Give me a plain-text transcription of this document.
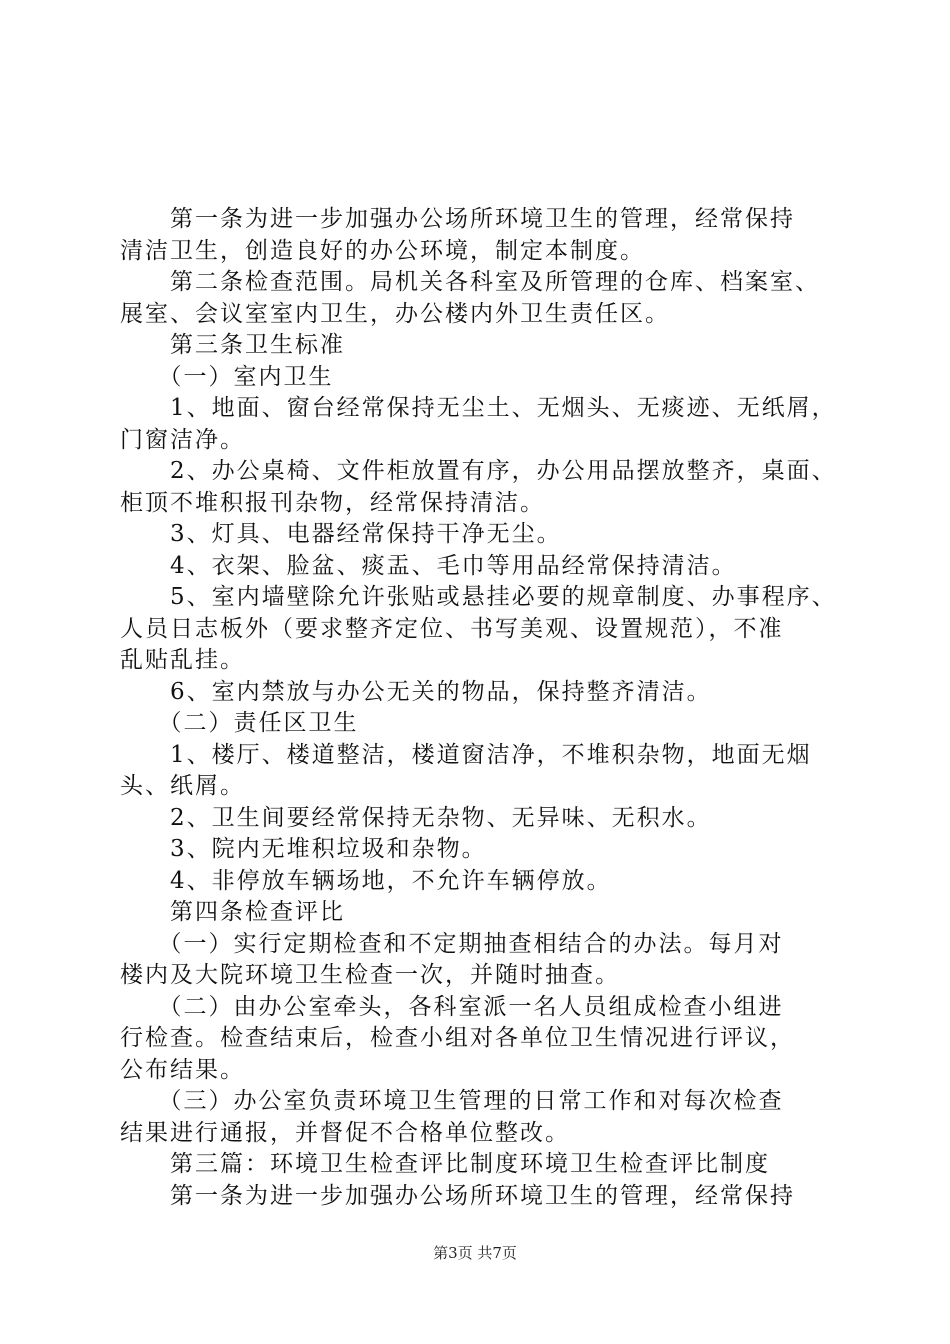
　　第一条为进一步加强办公场所环境卫生的管理，经常保持
清洁卫生，创造良好的办公环境，制定本制度。
　　第二条检查范围。局机关各科室及所管理的仓库、档案室、
展室、会议室室内卫生，办公楼内外卫生责任区。
　　第三条卫生标准
　　（一）室内卫生
　　1、地面、窗台经常保持无尘土、无烟头、无痰迹、无纸屑，
门窗洁净。
　　2、办公桌椅、文件柜放置有序，办公用品摆放整齐，桌面、
柜顶不堆积报刊杂物，经常保持清洁。
　　3、灯具、电器经常保持干净无尘。
　　4、衣架、脸盆、痰盂、毛巾等用品经常保持清洁。
　　5、室内墙壁除允许张贴或悬挂必要的规章制度、办事程序、
人员日志板外（要求整齐定位、书写美观、设置规范），不准
乱贴乱挂。
　　6、室内禁放与办公无关的物品，保持整齐清洁。
　　（二）责任区卫生
　　1、楼厅、楼道整洁，楼道窗洁净，不堆积杂物，地面无烟
头、纸屑。
　　2、卫生间要经常保持无杂物、无异味、无积水。
　　3、院内无堆积垃圾和杂物。
　　4、非停放车辆场地，不允许车辆停放。
　　第四条检查评比
　　（一）实行定期检查和不定期抽查相结合的办法。每月对
楼内及大院环境卫生检查一次，并随时抽查。
　　（二）由办公室牵头，各科室派一名人员组成检查小组进
行检查。检查结束后，检查小组对各单位卫生情况进行评议，
公布结果。
　　（三）办公室负责环境卫生管理的日常工作和对每次检查
结果进行通报，并督促不合格单位整改。
　　第三篇：环境卫生检查评比制度环境卫生检查评比制度
　　第一条为进一步加强办公场所环境卫生的管理，经常保持
第3页 共7页
